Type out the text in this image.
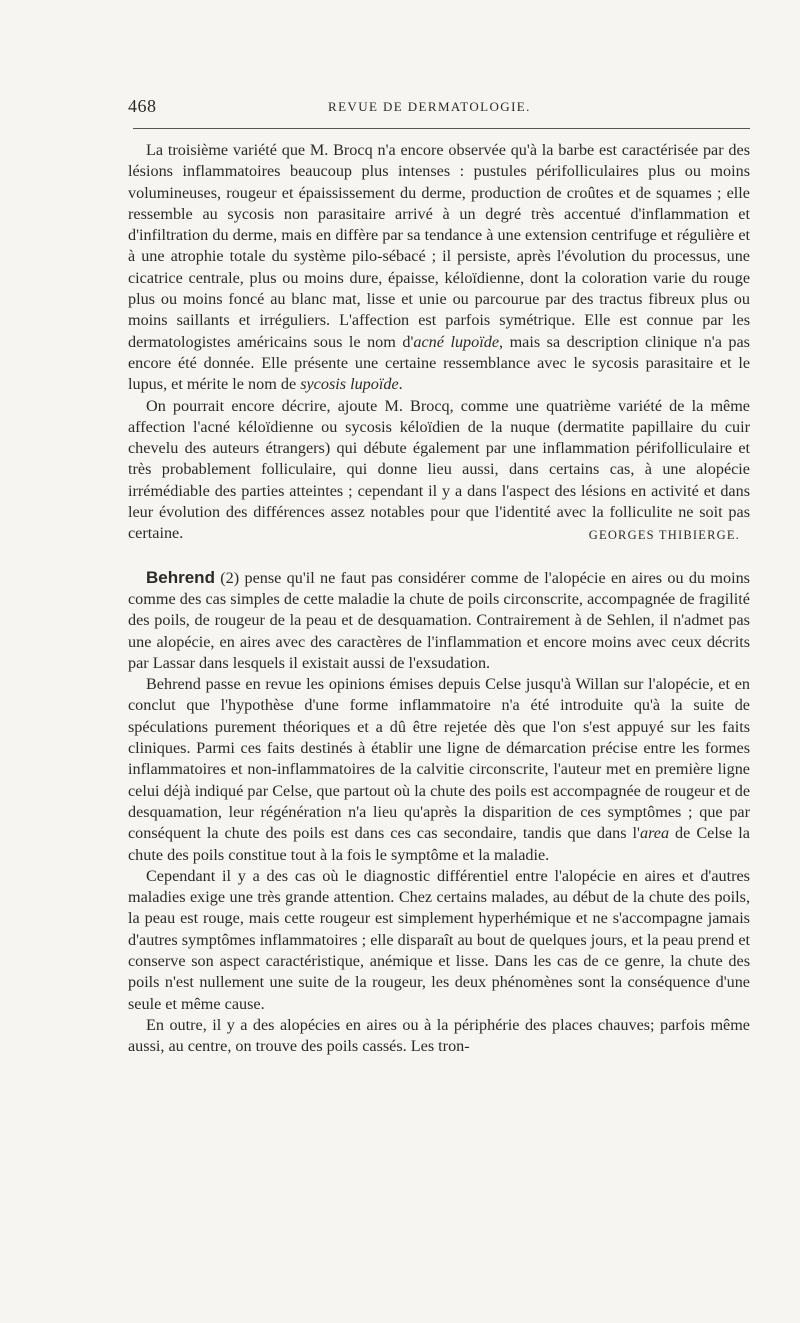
468	REVUE DE DERMATOLOGIE.

La troisième variété que M. Brocq n'a encore observée qu'à la barbe est caractérisée par des lésions inflammatoires beaucoup plus intenses : pustules périfolliculaires plus ou moins volumineuses, rougeur et épaississement du derme, production de croûtes et de squames ; elle ressemble au sycosis non parasitaire arrivé à un degré très accentué d'inflammation et d'infiltration du derme, mais en diffère par sa tendance à une extension centrifuge et régulière et à une atrophie totale du système pilo-sébacé ; il persiste, après l'évolution du processus, une cicatrice centrale, plus ou moins dure, épaisse, kéloïdienne, dont la coloration varie du rouge plus ou moins foncé au blanc mat, lisse et unie ou parcourue par des tractus fibreux plus ou moins saillants et irréguliers. L'affection est parfois symétrique. Elle est connue par les dermatologistes américains sous le nom d'acné lupoïde, mais sa description clinique n'a pas encore été donnée. Elle présente une certaine ressemblance avec le sycosis parasitaire et le lupus, et mérite le nom de sycosis lupoïde.

On pourrait encore décrire, ajoute M. Brocq, comme une quatrième variété de la même affection l'acné kéloïdienne ou sycosis kéloïdien de la nuque (dermatite papillaire du cuir chevelu des auteurs étrangers) qui débute également par une inflammation périfolliculaire et très probablement folliculaire, qui donne lieu aussi, dans certains cas, à une alopécie irrémédiable des parties atteintes ; cependant il y a dans l'aspect des lésions en activité et dans leur évolution des différences assez notables pour que l'identité avec la folliculite ne soit pas certaine.	GEORGES THIBIERGE.

Behrend (2) pense qu'il ne faut pas considérer comme de l'alopécie en aires ou du moins comme des cas simples de cette maladie la chute de poils circonscrite, accompagnée de fragilité des poils, de rougeur de la peau et de desquamation. Contrairement à de Sehlen, il n'admet pas une alopécie, en aires avec des caractères de l'inflammation et encore moins avec ceux décrits par Lassar dans lesquels il existait aussi de l'exsudation.

Behrend passe en revue les opinions émises depuis Celse jusqu'à Willan sur l'alopécie, et en conclut que l'hypothèse d'une forme inflammatoire n'a été introduite qu'à la suite de spéculations purement théoriques et a dû être rejetée dès que l'on s'est appuyé sur les faits cliniques. Parmi ces faits destinés à établir une ligne de démarcation précise entre les formes inflammatoires et non-inflammatoires de la calvitie circonscrite, l'auteur met en première ligne celui déjà indiqué par Celse, que partout où la chute des poils est accompagnée de rougeur et de desquamation, leur régénération n'a lieu qu'après la disparition de ces symptômes ; que par conséquent la chute des poils est dans ces cas secondaire, tandis que dans l'area de Celse la chute des poils constitue tout à la fois le symptôme et la maladie.

Cependant il y a des cas où le diagnostic différentiel entre l'alopécie en aires et d'autres maladies exige une très grande attention. Chez certains malades, au début de la chute des poils, la peau est rouge, mais cette rougeur est simplement hyperhémique et ne s'accompagne jamais d'autres symptômes inflammatoires ; elle disparaît au bout de quelques jours, et la peau prend et conserve son aspect caractéristique, anémique et lisse. Dans les cas de ce genre, la chute des poils n'est nullement une suite de la rougeur, les deux phénomènes sont la conséquence d'une seule et même cause.

En outre, il y a des alopécies en aires ou à la périphérie des places chauves; parfois même aussi, au centre, on trouve des poils cassés. Les tron-
